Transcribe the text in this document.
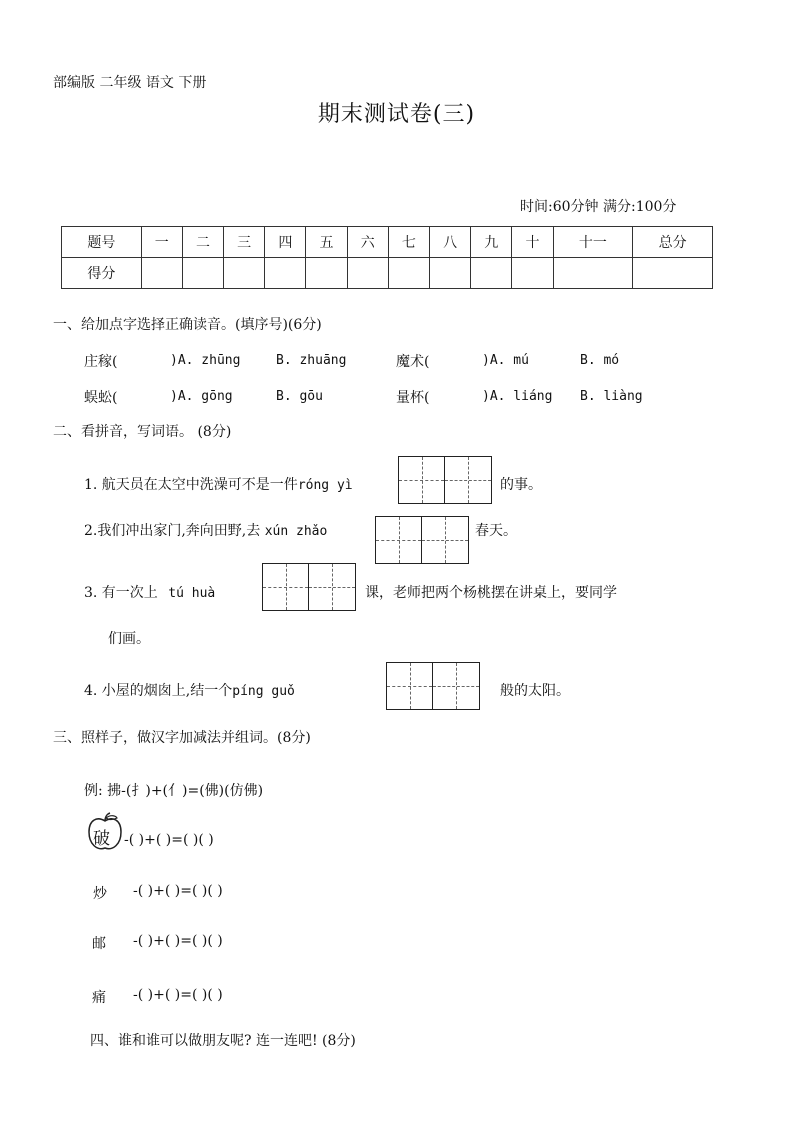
部编版 二年级 语文 下册
期末测试卷(三)
时间:60分钟 满分:100分
题号	一	二	三	四	五	六	七	八	九	十	十一	总分
得分												
一、给加点字选择正确读音。(填序号)(6分)
庄稼(	)A. zhūng	B. zhuāng	魔术(	)A. mú	B. mó
蜈蚣(	)A. gōng	B. gōu	量杯(	)A. liáng B. liàng
二、看拼音，写词语。 (8分)
1. 航天员在太空中洗澡可不是一件róng yì	的事。
2.我们冲出家门,奔向田野,去 xún zhǎo	春天。
3. 有一次上 tú huà	课，老师把两个杨桃摆在讲桌上，要同学
们画。
4. 小屋的烟囱上,结一个píng guǒ	般的太阳。
三、照样子，做汉字加减法并组词。(8分)
例: 拂-(扌)+(亻)=(佛)(仿佛)
破 -( )+( )=( )( )
炒 -( )+( )=( )( )
邮 -( )+( )=( )( )
痛 -( )+( )=( )( )
四、谁和谁可以做朋友呢? 连一连吧! (8分)
